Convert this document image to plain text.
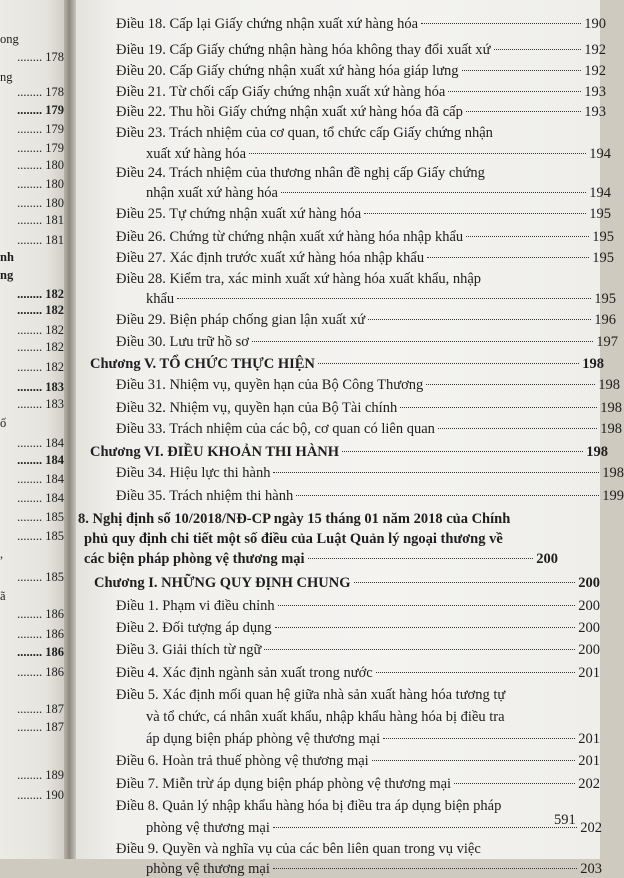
ong
........ 178
ng
........ 178
........ 179
........ 179
........ 179
........ 180
........ 180
........ 180
........ 181
........ 181
nh
ng
........ 182
........ 182
........ 182
........ 182
........ 182
........ 183
........ 183
ố
........ 184
........ 184
........ 184
........ 184
........ 185
........ 185
,
........ 185
ã
........ 186
........ 186
........ 186
........ 186
........ 187
........ 187
........ 189
........ 190
Điều 18. Cấp lại Giấy chứng nhận xuất xứ hàng hóa	190
Điều 19. Cấp Giấy chứng nhận hàng hóa không thay đổi xuất xứ	192
Điều 20. Cấp Giấy chứng nhận xuất xứ hàng hóa giáp lưng	192
Điều 21. Từ chối cấp Giấy chứng nhận xuất xứ hàng hóa	193
Điều 22. Thu hồi Giấy chứng nhận xuất xứ hàng hóa đã cấp	193
Điều 23. Trách nhiệm của cơ quan, tổ chức cấp Giấy chứng nhận
xuất xứ hàng hóa	194
Điều 24. Trách nhiệm của thương nhân đề nghị cấp Giấy chứng
nhận xuất xứ hàng hóa	194
Điều 25. Tự chứng nhận xuất xứ hàng hóa	195
Điều 26. Chứng từ chứng nhận xuất xứ hàng hóa nhập khẩu	195
Điều 27. Xác định trước xuất xứ hàng hóa nhập khẩu	195
Điều 28. Kiểm tra, xác minh xuất xứ hàng hóa xuất khẩu, nhập
khẩu	195
Điều 29. Biện pháp chống gian lận xuất xứ	196
Điều 30. Lưu trữ hồ sơ	197
Chương V. TỔ CHỨC THỰC HIỆN	198
Điều 31. Nhiệm vụ, quyền hạn của Bộ Công Thương	198
Điều 32. Nhiệm vụ, quyền hạn của Bộ Tài chính	198
Điều 33. Trách nhiệm của các bộ, cơ quan có liên quan	198
Chương VI. ĐIỀU KHOẢN THI HÀNH	198
Điều 34. Hiệu lực thi hành	198
Điều 35. Trách nhiệm thi hành	199
8. Nghị định số 10/2018/NĐ-CP ngày 15 tháng 01 năm 2018 của Chính
phủ quy định chi tiết một số điều của Luật Quản lý ngoại thương về
các biện pháp phòng vệ thương mại	200
Chương I. NHỮNG QUY ĐỊNH CHUNG	200
Điều 1. Phạm vi điều chỉnh	200
Điều 2. Đối tượng áp dụng	200
Điều 3. Giải thích từ ngữ	200
Điều 4. Xác định ngành sản xuất trong nước	201
Điều 5. Xác định mối quan hệ giữa nhà sản xuất hàng hóa tương tự
và tổ chức, cá nhân xuất khẩu, nhập khẩu hàng hóa bị điều tra
áp dụng biện pháp phòng vệ thương mại	201
Điều 6. Hoàn trả thuế phòng vệ thương mại	201
Điều 7. Miễn trừ áp dụng biện pháp phòng vệ thương mại	202
Điều 8. Quản lý nhập khẩu hàng hóa bị điều tra áp dụng biện pháp
phòng vệ thương mại	202
Điều 9. Quyền và nghĩa vụ của các bên liên quan trong vụ việc
phòng vệ thương mại	203
591
